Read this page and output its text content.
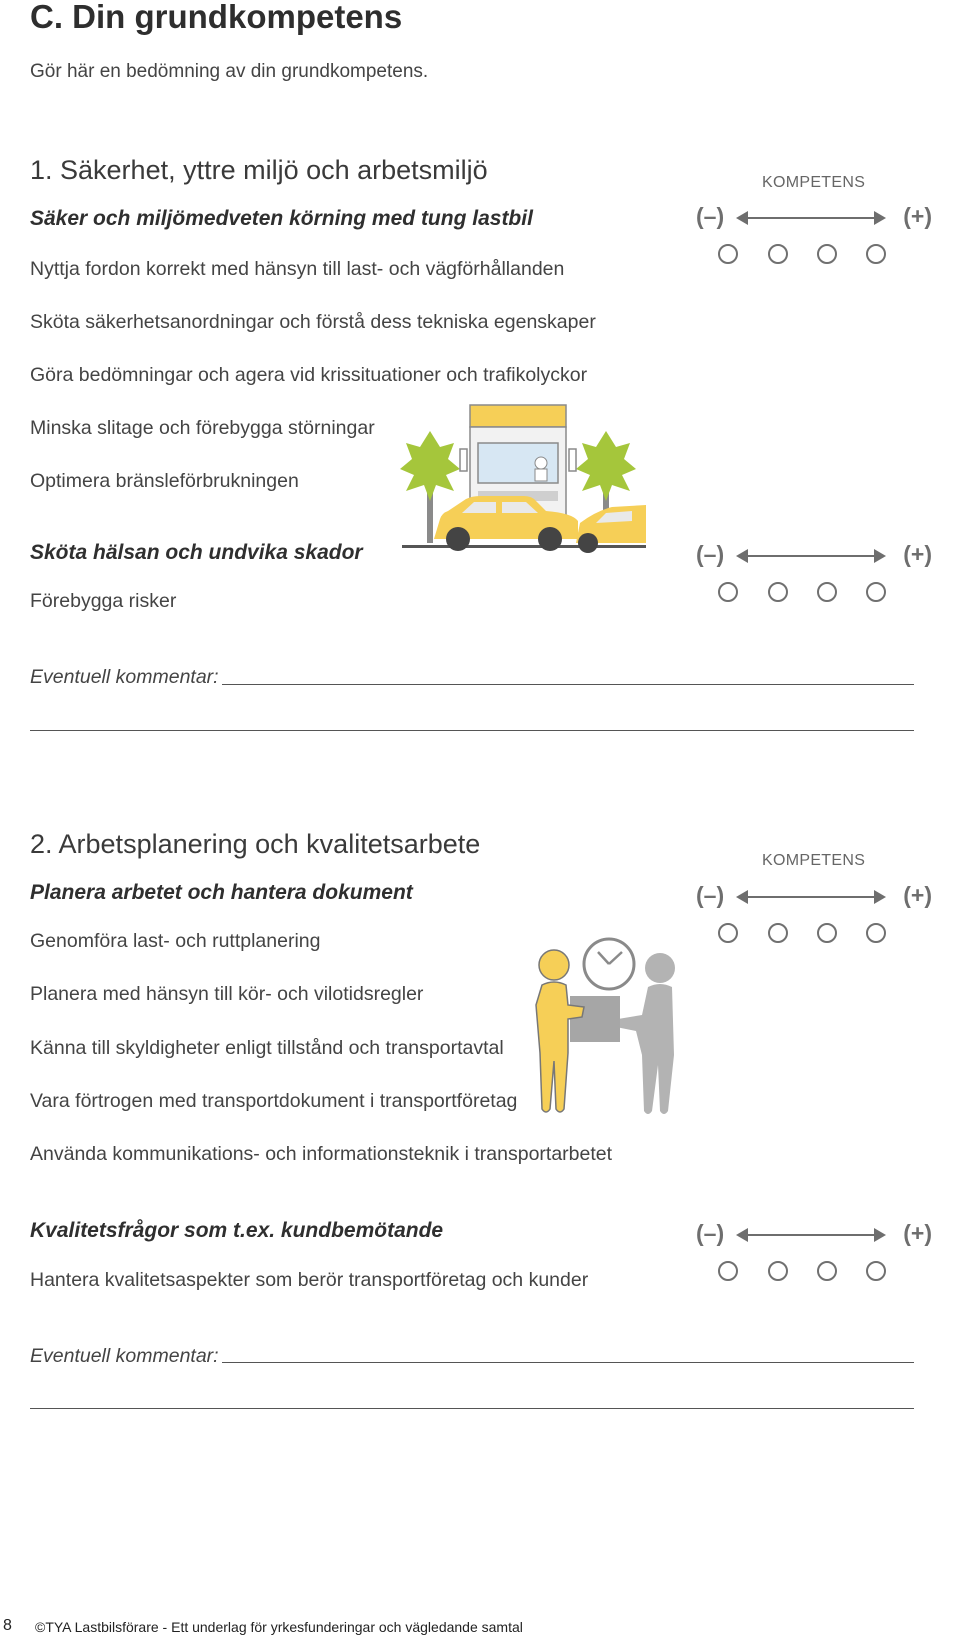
C. Din grundkompetens
Gör här en bedömning av din grundkompetens.
1. Säkerhet, yttre miljö och arbetsmiljö	KOMPETENS
Säker och miljömedveten körning med tung lastbil
Nyttja fordon korrekt med hänsyn till last- och vägförhållanden
Sköta säkerhetsanordningar och förstå dess tekniska egenskaper
Göra bedömningar och agera vid krissituationer och trafikolyckor
Minska slitage och förebygga störningar
Optimera bränsleförbrukningen
Sköta hälsan och undvika skador
Förebygga risker
(–)	(+)
(–)	(+)
Eventuell kommentar:
2. Arbetsplanering och kvalitetsarbete
KOMPETENS
Planera arbetet och hantera dokument
Genomföra last- och ruttplanering
Planera med hänsyn till kör- och vilotidsregler
Känna till skyldigheter enligt tillstånd och transportavtal
Vara förtrogen med transportdokument i transportföretag
Använda kommunikations- och informationsteknik i transportarbetet
Kvalitetsfrågor som t.ex. kundbemötande
Hantera kvalitetsaspekter som berör transportföretag och kunder
(–)	(+)
(–)	(+)
Eventuell kommentar:
8 ©TYA Lastbilsförare - Ett underlag för yrkesfunderingar och vägledande samtal
